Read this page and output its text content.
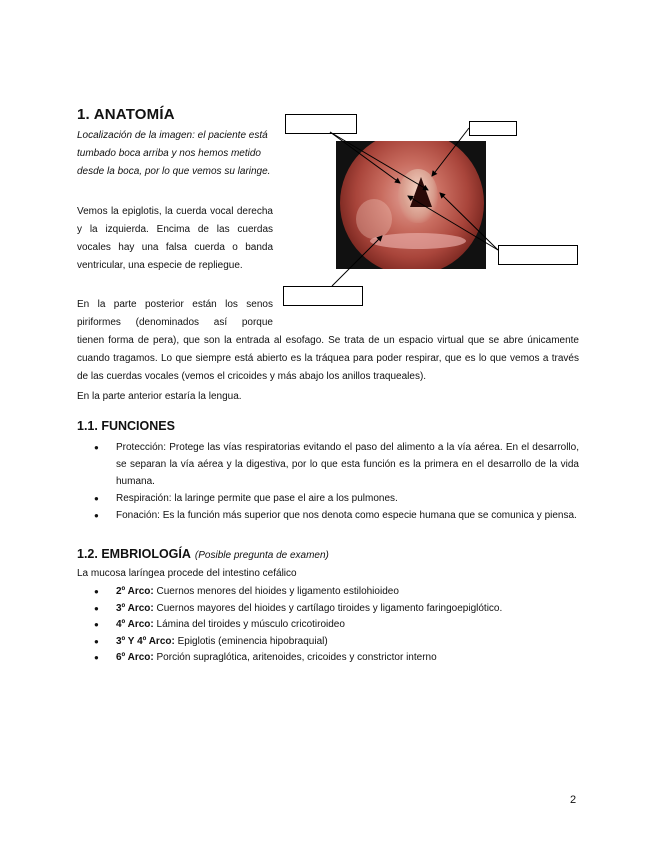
1. ANATOMÍA
Localización de la imagen: el paciente está tumbado boca arriba y nos hemos metido desde la boca, por lo que vemos su laringe.
Vemos la epiglotis, la cuerda vocal derecha y la izquierda. Encima de las cuerdas vocales hay una falsa cuerda o banda ventricular, una especie de repliegue.
En la parte posterior están los senos
piriformes (denominados así porque
tienen forma de pera), que son la entrada al esofago. Se trata de un espacio virtual que se abre únicamente cuando tragamos. Lo que siempre está abierto es la tráquea para poder respirar, que es lo que vemos a través de las cuerdas vocales (vemos el cricoides y más abajo los anillos traqueales).
En la parte anterior estaría la lengua.
1.1. FUNCIONES
● Protección: Protege las vías respiratorias evitando el paso del alimento a la vía aérea. En el desarrollo, se separan la vía aérea y la digestiva, por lo que esta función es la primera en el desarrollo de la vida humana.
● Respiración: la laringe permite que pase el aire a los pulmones.
● Fonación: Es la función más superior que nos denota como especie humana que se comunica y piensa.
1.2. EMBRIOLOGÍA (Posible pregunta de examen)
La mucosa laríngea procede del intestino cefálico
● 2º Arco: Cuernos menores del hioides y ligamento estilohioideo
● 3º Arco: Cuernos mayores del hioides y cartílago tiroides y ligamento faringoepiglótico.
● 4º Arco: Lámina del tiroides y músculo cricotiroideo
● 3º Y 4º Arco: Epiglotis (eminencia hipobraquial)
● 6º Arco: Porción supraglótica, aritenoides, cricoides y constrictor interno
2
